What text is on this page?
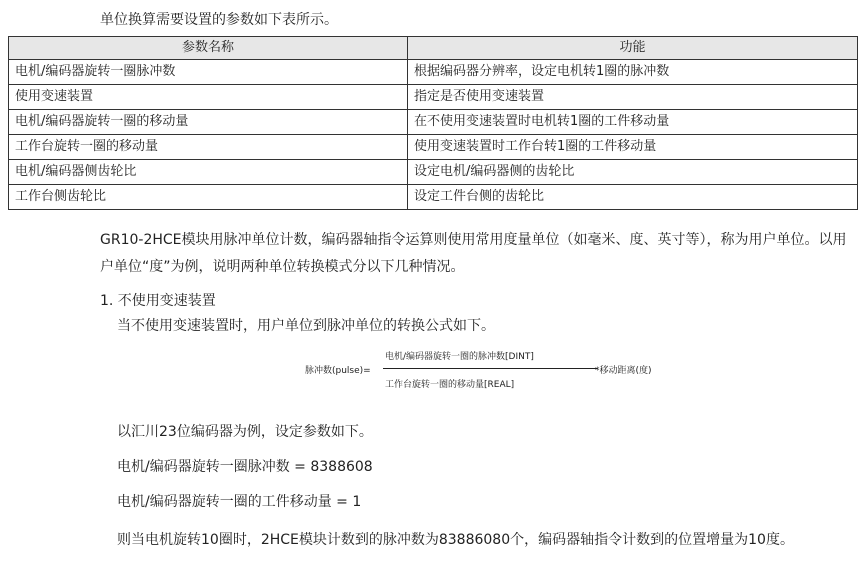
单位换算需要设置的参数如下表所示。
参数名称	功能
电机/编码器旋转一圈脉冲数	根据编码器分辨率，设定电机转1圈的脉冲数
使用变速装置	指定是否使用变速装置
电机/编码器旋转一圈的移动量	在不使用变速装置时电机转1圈的工件移动量
工作台旋转一圈的移动量	使用变速装置时工作台转1圈的工件移动量
电机/编码器侧齿轮比	设定电机/编码器侧的齿轮比
工作台侧齿轮比	设定工件台侧的齿轮比
GR10-2HCE模块用脉冲单位计数，编码器轴指令运算则使用常用度量单位（如毫米、度、英寸等），称为用户单位。以用户单位“度”为例，说明两种单位转换模式分以下几种情况。
1. 不使用变速装置
当不使用变速装置时，用户单位到脉冲单位的转换公式如下。
脉冲数(pulse)=
电机/编码器旋转一圈的脉冲数[DINT]
工作台旋转一圈的移动量[REAL]
*移动距离(度)
以汇川23位编码器为例，设定参数如下。
电机/编码器旋转一圈脉冲数 = 8388608
电机/编码器旋转一圈的工件移动量 = 1
则当电机旋转10圈时，2HCE模块计数到的脉冲数为83886080个，编码器轴指令计数到的位置增量为10度。
